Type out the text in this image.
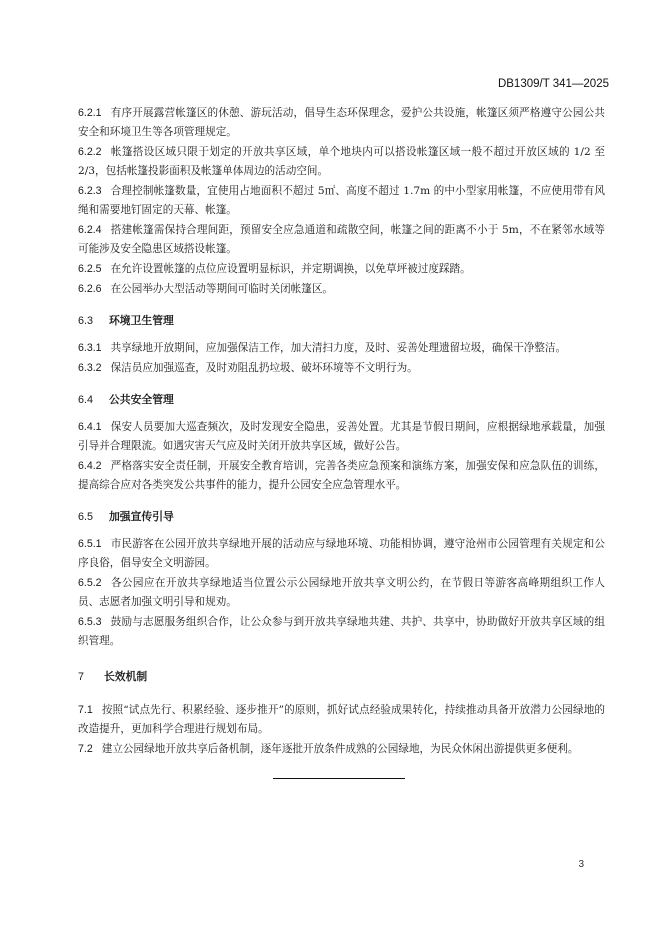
DB1309/T 341—2025
6.2.1 有序开展露营帐篷区的休憩、游玩活动，倡导生态环保理念，爱护公共设施，帐篷区须严格遵守公园公共安全和环境卫生等各项管理规定。
6.2.2 帐篷搭设区域只限于划定的开放共享区域，单个地块内可以搭设帐篷区域一般不超过开放区域的 1/2 至 2/3，包括帐篷投影面积及帐篷单体周边的活动空间。
6.2.3 合理控制帐篷数量，宜使用占地面积不超过 5㎡、高度不超过 1.7m 的中小型家用帐篷，不应使用带有风绳和需要地钉固定的天幕、帐篷。
6.2.4 搭建帐篷需保持合理间距，预留安全应急通道和疏散空间，帐篷之间的距离不小于 5m，不在紧邻水域等可能涉及安全隐患区域搭设帐篷。
6.2.5 在允许设置帐篷的点位应设置明显标识，并定期调换，以免草坪被过度踩踏。
6.2.6 在公园举办大型活动等期间可临时关闭帐篷区。
6.3 环境卫生管理
6.3.1 共享绿地开放期间，应加强保洁工作，加大清扫力度，及时、妥善处理遗留垃圾，确保干净整洁。
6.3.2 保洁员应加强巡查，及时劝阻乱扔垃圾、破坏环境等不文明行为。
6.4 公共安全管理
6.4.1 保安人员要加大巡查频次，及时发现安全隐患，妥善处置。尤其是节假日期间，应根据绿地承载量，加强引导并合理限流。如遇灾害天气应及时关闭开放共享区域，做好公告。
6.4.2 严格落实安全责任制，开展安全教育培训，完善各类应急预案和演练方案，加强安保和应急队伍的训练，提高综合应对各类突发公共事件的能力，提升公园安全应急管理水平。
6.5 加强宣传引导
6.5.1 市民游客在公园开放共享绿地开展的活动应与绿地环境、功能相协调，遵守沧州市公园管理有关规定和公序良俗，倡导安全文明游园。
6.5.2 各公园应在开放共享绿地适当位置公示公园绿地开放共享文明公约，在节假日等游客高峰期组织工作人员、志愿者加强文明引导和规劝。
6.5.3 鼓励与志愿服务组织合作，让公众参与到开放共享绿地共建、共护、共享中，协助做好开放共享区域的组织管理。
7 长效机制
7.1 按照“试点先行、积累经验、逐步推开”的原则，抓好试点经验成果转化，持续推动具备开放潜力公园绿地的改造提升，更加科学合理进行规划布局。
7.2 建立公园绿地开放共享后备机制，逐年逐批开放条件成熟的公园绿地，为民众休闲出游提供更多便利。
3
